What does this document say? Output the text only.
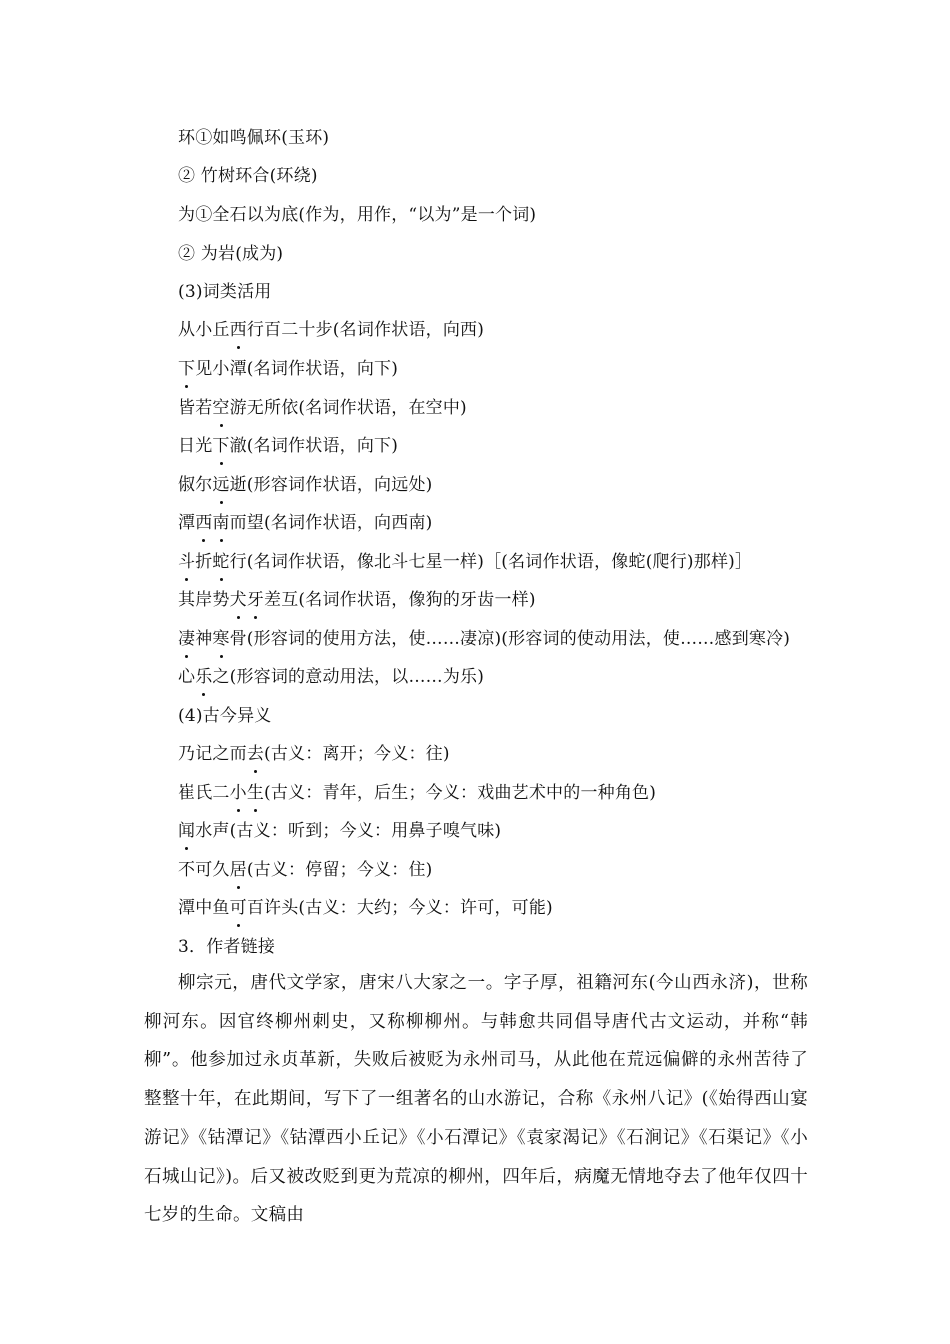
环①如鸣佩环(玉环)
② 竹树环合(环绕)
为①全石以为底(作为，用作，“以为”是一个词)
② 为岩(成为)
(3)词类活用
从小丘西行百二十步(名词作状语，向西)
下见小潭(名词作状语，向下)
皆若空游无所依(名词作状语，在空中)
日光下澈(名词作状语，向下)
俶尔远逝(形容词作状语，向远处)
潭西南而望(名词作状语，向西南)
斗折蛇行(名词作状语，像北斗七星一样)［(名词作状语，像蛇(爬行)那样)］
其岸势犬牙差互(名词作状语，像狗的牙齿一样)
凄神寒骨(形容词的使用方法，使……凄凉)(形容词的使动用法，使……感到寒冷)
心乐之(形容词的意动用法，以……为乐)
(4)古今异义
乃记之而去(古义：离开；今义：往)
崔氏二小生(古义：青年，后生；今义：戏曲艺术中的一种角色)
闻水声(古义：听到；今义：用鼻子嗅气味)
不可久居(古义：停留；今义：住)
潭中鱼可百许头(古义：大约；今义：许可，可能)
3．作者链接
柳宗元，唐代文学家，唐宋八大家之一。字子厚，祖籍河东(今山西永济)，世称柳河东。因官终柳州刺史，又称柳柳州。与韩愈共同倡导唐代古文运动，并称“韩柳”。他参加过永贞革新，失败后被贬为永州司马，从此他在荒远偏僻的永州苦待了整整十年，在此期间，写下了一组著名的山水游记，合称《永州八记》(《始得西山宴游记》《钴潭记》《钴潭西小丘记》《小石潭记》《袁家渴记》《石涧记》《石渠记》《小石城山记》)。后又被改贬到更为荒凉的柳州，四年后，病魔无情地夺去了他年仅四十七岁的生命。文稿由
